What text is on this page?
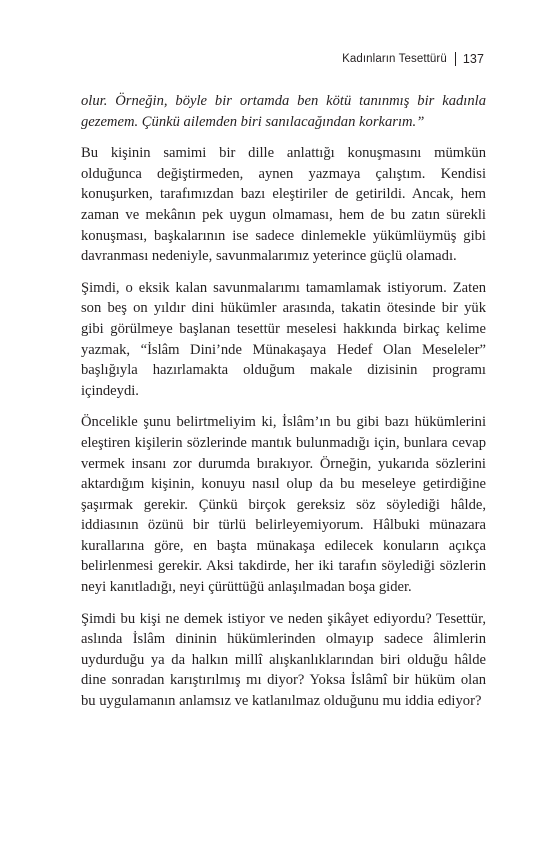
Kadınların Tesettürü 137

olur. Örneğin, böyle bir ortamda ben kötü tanınmış bir kadınla gezemem. Çünkü ailemden biri sanılacağından korkarım.”

Bu kişinin samimi bir dille anlattığı konuşmasını mümkün olduğunca değiştirmeden, aynen yazmaya çalıştım. Kendisi konuşurken, tarafımızdan bazı eleştiriler de getirildi. Ancak, hem zaman ve mekânın pek uygun olmaması, hem de bu zatın sürekli konuşması, başkalarının ise sadece dinlemekle yükümlüymüş gibi davranması nedeniyle, savunmalarımız yeterince güçlü olamadı.

Şimdi, o eksik kalan savunmalarımı tamamlamak istiyorum. Zaten son beş on yıldır dini hükümler arasında, takatin ötesinde bir yük gibi görülmeye başlanan tesettür meselesi hakkında birkaç kelime yazmak, “İslâm Dini’nde Münakaşaya Hedef Olan Meseleler” başlığıyla hazırlamakta olduğum makale dizisinin programı içindeydi.

Öncelikle şunu belirtmeliyim ki, İslâm’ın bu gibi bazı hükümlerini eleştiren kişilerin sözlerinde mantık bulunmadığı için, bunlara cevap vermek insanı zor durumda bırakıyor. Örneğin, yukarıda sözlerini aktardığım kişinin, konuyu nasıl olup da bu meseleye getirdiğine şaşırmak gerekir. Çünkü birçok gereksiz söz söylediği hâlde, iddiasının özünü bir türlü belirleyemiyorum. Hâlbuki münazara kurallarına göre, en başta münakaşa edilecek konuların açıkça belirlenmesi gerekir. Aksi takdirde, her iki tarafın söylediği sözlerin neyi kanıtladığı, neyi çürüttüğü anlaşılmadan boşa gider.

Şimdi bu kişi ne demek istiyor ve neden şikâyet ediyordu? Tesettür, aslında İslâm dininin hükümlerinden olmayıp sadece âlimlerin uydurduğu ya da halkın millî alışkanlıklarından biri olduğu hâlde dine sonradan karıştırılmış mı diyor? Yoksa İslâmî bir hüküm olan bu uygulamanın anlamsız ve katlanılmaz olduğunu mu iddia ediyor?
